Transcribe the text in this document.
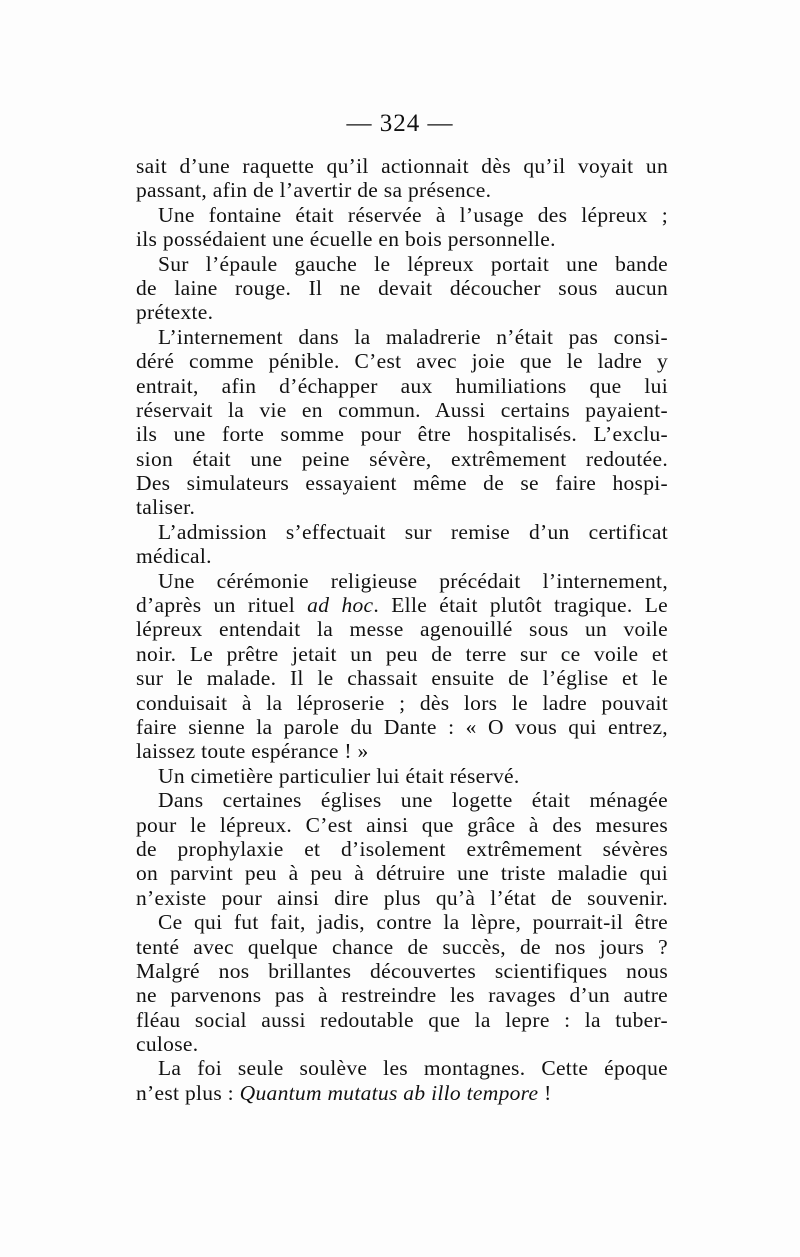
— 324 —
sait d’une raquette qu’il actionnait dès qu’il voyait un
passant, afin de l’avertir de sa présence.
Une fontaine était réservée à l’usage des lépreux ;
ils possédaient une écuelle en bois personnelle.
Sur l’épaule gauche le lépreux portait une bande
de laine rouge. Il ne devait découcher sous aucun
prétexte.
L’internement dans la maladrerie n’était pas consi-
déré comme pénible. C’est avec joie que le ladre y
entrait, afin d’échapper aux humiliations que lui
réservait la vie en commun. Aussi certains payaient-
ils une forte somme pour être hospitalisés. L’exclu-
sion était une peine sévère, extrêmement redoutée.
Des simulateurs essayaient même de se faire hospi-
taliser.
L’admission s’effectuait sur remise d’un certificat
médical.
Une cérémonie religieuse précédait l’internement,
d’après un rituel ad hoc. Elle était plutôt tragique. Le
lépreux entendait la messe agenouillé sous un voile
noir. Le prêtre jetait un peu de terre sur ce voile et
sur le malade. Il le chassait ensuite de l’église et le
conduisait à la léproserie ; dès lors le ladre pouvait
faire sienne la parole du Dante : « O vous qui entrez,
laissez toute espérance ! »
Un cimetière particulier lui était réservé.
Dans certaines églises une logette était ménagée
pour le lépreux. C’est ainsi que grâce à des mesures
de prophylaxie et d’isolement extrêmement sévères
on parvint peu à peu à détruire une triste maladie qui
n’existe pour ainsi dire plus qu’à l’état de souvenir.
Ce qui fut fait, jadis, contre la lèpre, pourrait-il être
tenté avec quelque chance de succès, de nos jours ?
Malgré nos brillantes découvertes scientifiques nous
ne parvenons pas à restreindre les ravages d’un autre
fléau social aussi redoutable que la lepre : la tuber-
culose.
La foi seule soulève les montagnes. Cette époque
n’est plus : Quantum mutatus ab illo tempore !
